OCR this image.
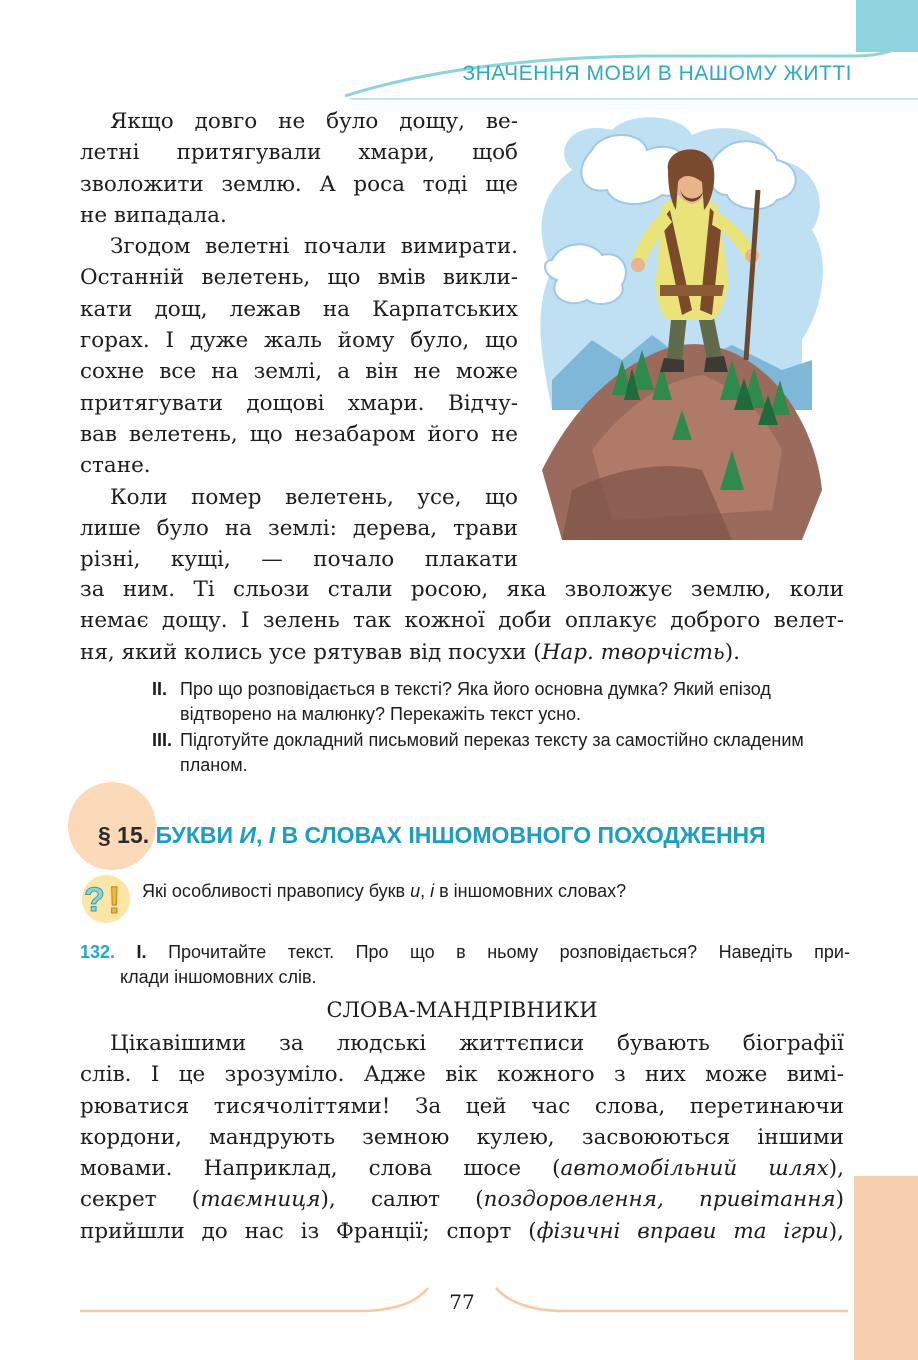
ЗНАЧЕННЯ МОВИ В НАШОМУ ЖИТТІ

Якщо довго не було дощу, ве-

летні притягували хмари, щоб

зволожити землю. А роса тоді ще

не випадала.

Згодом велетні почали вимирати.

Останній велетень, що вмів викли-

кати дощ, лежав на Карпатських

горах. І дуже жаль йому було, що

сохне все на землі, а він не може

притягувати дощові хмари. Відчу-

вав велетень, що незабаром його не

стане.

Коли помер велетень, усе, що

лише було на землі: дерева, трави

різні, кущі, — почало плакати

за ним. Ті сльози стали росою, яка зволожує землю, коли

немає дощу. І зелень так кожної доби оплакує доброго велет-

ня, який колись усе рятував від посухи (Нар. творчість).

II. Про що розповідається в тексті? Яка його основна думка? Який епізод відтворено на малюнку? Перекажіть текст усно.
III. Підготуйте докладний письмовий переказ тексту за самостійно складеним планом.
§ 15. БУКВИ И, І В СЛОВАХ ІНШОМОВНОГО ПОХОДЖЕННЯ
? ! Які особливості правопису букв и, і в іншомовних словах?
132. I. Прочитайте текст. Про що в ньому розповідається? Наведіть при-
клади іншомовних слів.
СЛОВА-МАНДРІВНИКИ

Цікавішими за людські життєписи бувають біографії

слів. І це зрозуміло. Адже вік кожного з них може вимі-

рюватися тисячоліттями! За цей час слова, перетинаючи

кордони, мандрують земною кулею, засвоюються іншими

мовами. Наприклад, слова шосе (автомобільний шлях),

секрет (таємниця), салют (поздоровлення, привітання)

прийшли до нас із Франції; спорт (фізичні вправи та ігри),

77
